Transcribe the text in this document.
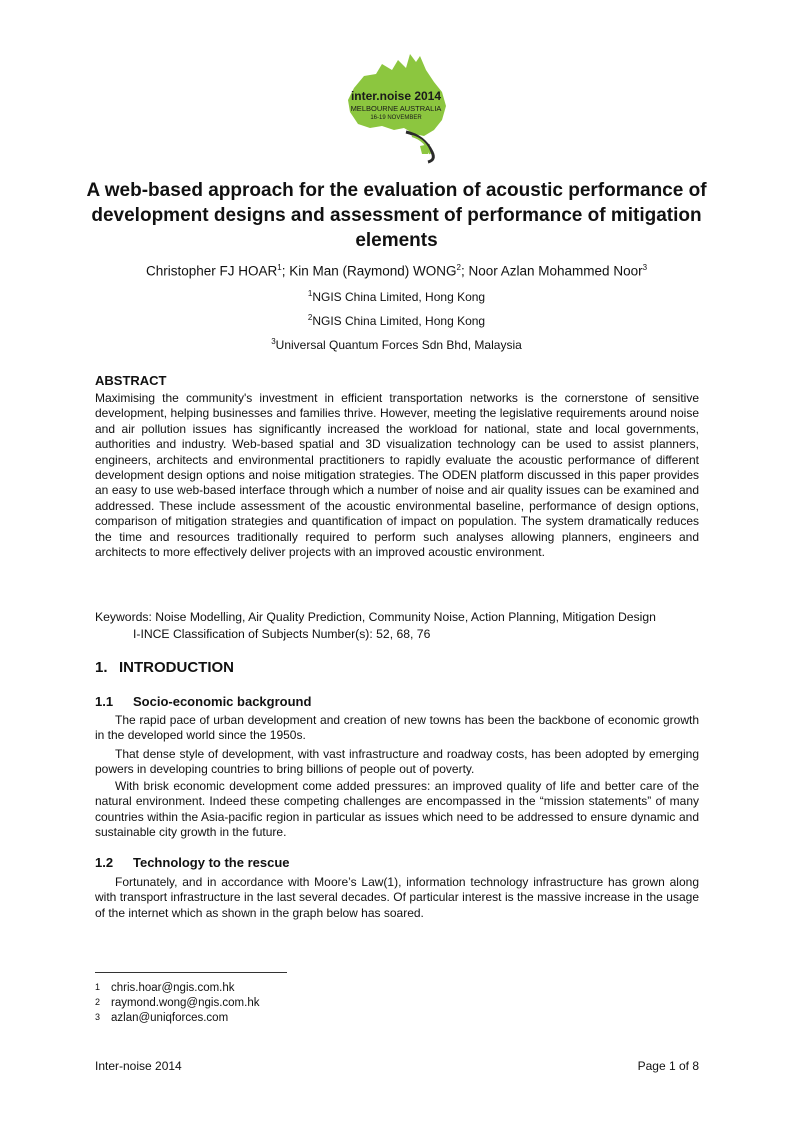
inter.noise 2014
MELBOURNE AUSTRALIA
16-19 NOVEMBER
A web-based approach for the evaluation of acoustic performance of development designs and assessment of performance of mitigation elements
Christopher FJ HOAR$^1$; Kin Man (Raymond) WONG$^2$; Noor Azlan Mohammed Noor$^3$
$^1$NGIS China Limited, Hong Kong
$^2$NGIS China Limited, Hong Kong
$^3$Universal Quantum Forces Sdn Bhd, Malaysia
ABSTRACT

Maximising the community's investment in efficient transportation networks is the cornerstone of sensitive development, helping businesses and families thrive. However, meeting the legislative requirements around noise and air pollution issues has significantly increased the workload for national, state and local governments, authorities and industry. Web-based spatial and 3D visualization technology can be used to assist planners, engineers, architects and environmental practitioners to rapidly evaluate the acoustic performance of different development design options and noise mitigation strategies. The ODEN platform discussed in this paper provides an easy to use web-based interface through which a number of noise and air quality issues can be examined and addressed. These include assessment of the acoustic environmental baseline, performance of design options, comparison of mitigation strategies and quantification of impact on population. The system dramatically reduces the time and resources traditionally required to perform such analyses allowing planners, engineers and architects to more effectively deliver projects with an improved acoustic environment.

Keywords: Noise Modelling, Air Quality Prediction, Community Noise, Action Planning, Mitigation Design

I-INCE Classification of Subjects Number(s): 52, 68, 76

1. INTRODUCTION
1.1 Socio-economic background

The rapid pace of urban development and creation of new towns has been the backbone of economic growth in the developed world since the 1950s.

That dense style of development, with vast infrastructure and roadway costs, has been adopted by emerging powers in developing countries to bring billions of people out of poverty.

With brisk economic development come added pressures: an improved quality of life and better care of the natural environment. Indeed these competing challenges are encompassed in the “mission statements” of many countries within the Asia-pacific region in particular as issues which need to be addressed to ensure dynamic and sustainable city growth in the future.

1.2 Technology to the rescue

Fortunately, and in accordance with Moore’s Law(1), information technology infrastructure has grown along with transport infrastructure in the last several decades. Of particular interest is the massive increase in the usage of the internet which as shown in the graph below has soared.

1 chris.hoar@ngis.com.hk

2 raymond.wong@ngis.com.hk

3 azlan@uniqforces.com

Inter-noise 2014	Page 1 of 8
